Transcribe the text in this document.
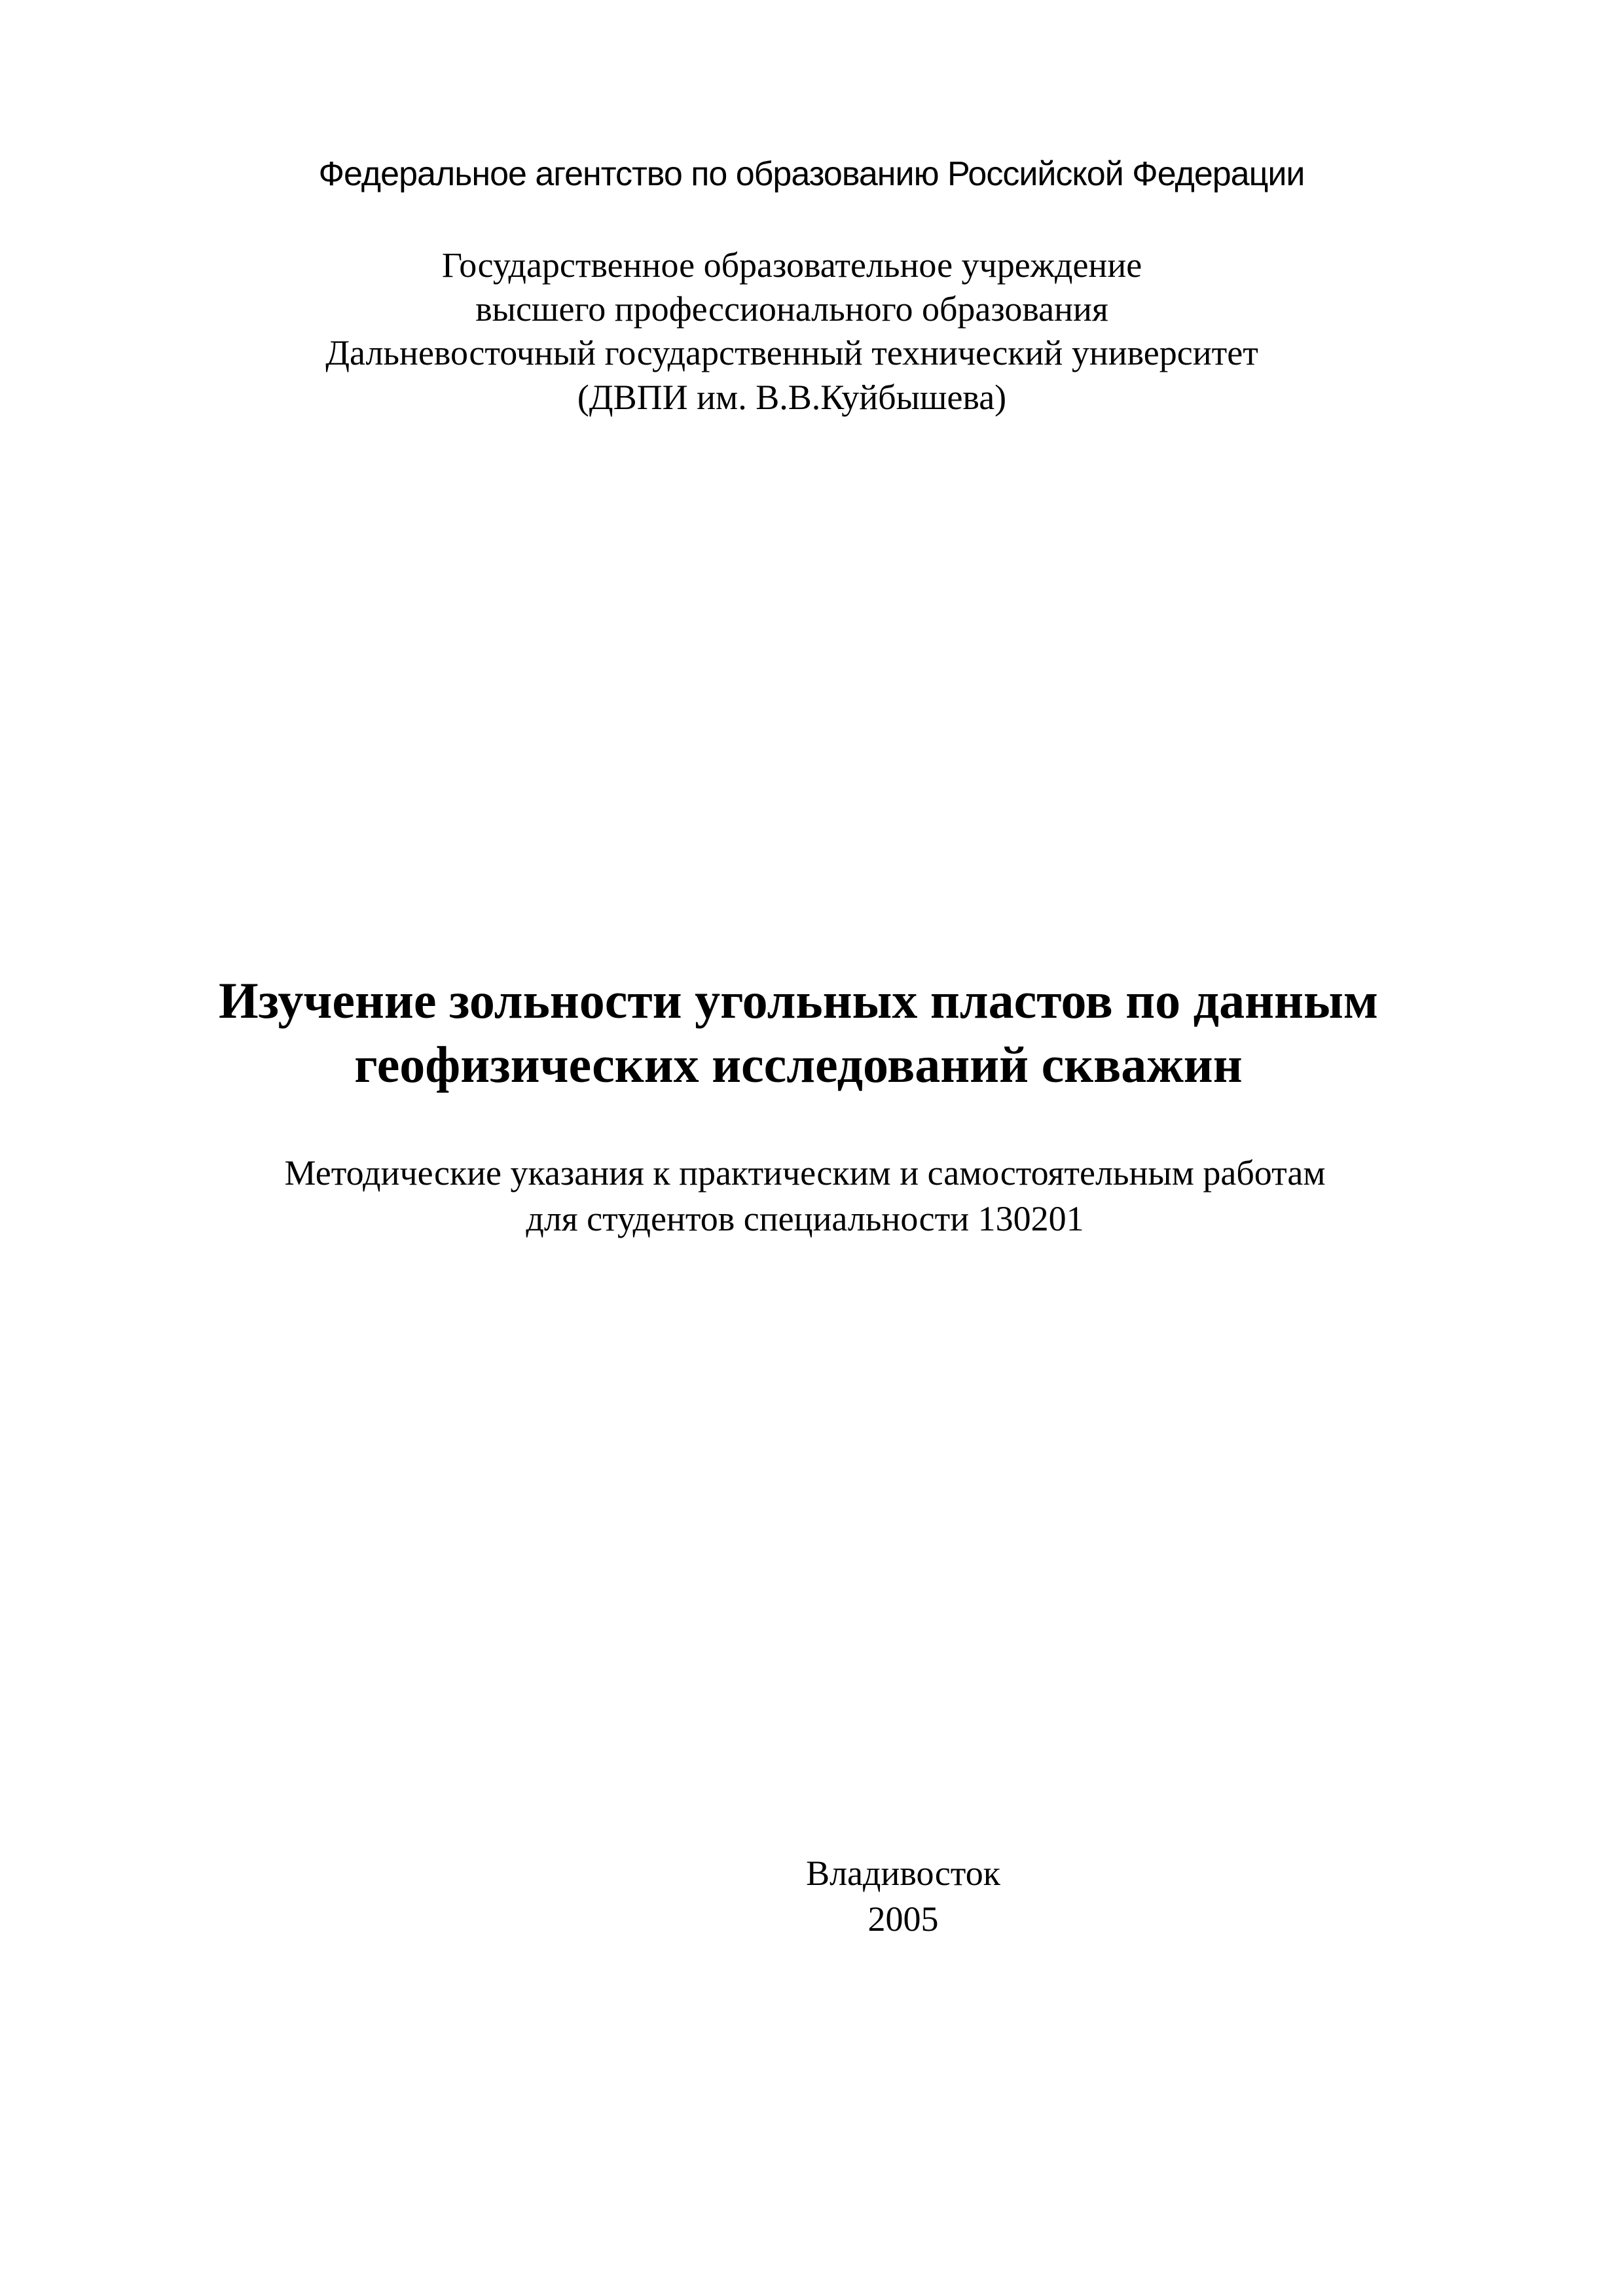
Федеральное агентство по образованию Российской Федерации
Государственное образовательное учреждение
высшего профессионального образования
Дальневосточный государственный технический университет
(ДВПИ им. В.В.Куйбышева)
Изучение зольности угольных пластов по данным
геофизических исследований скважин
Методические указания к практическим и самостоятельным работам
для студентов специальности 130201
Владивосток
2005
